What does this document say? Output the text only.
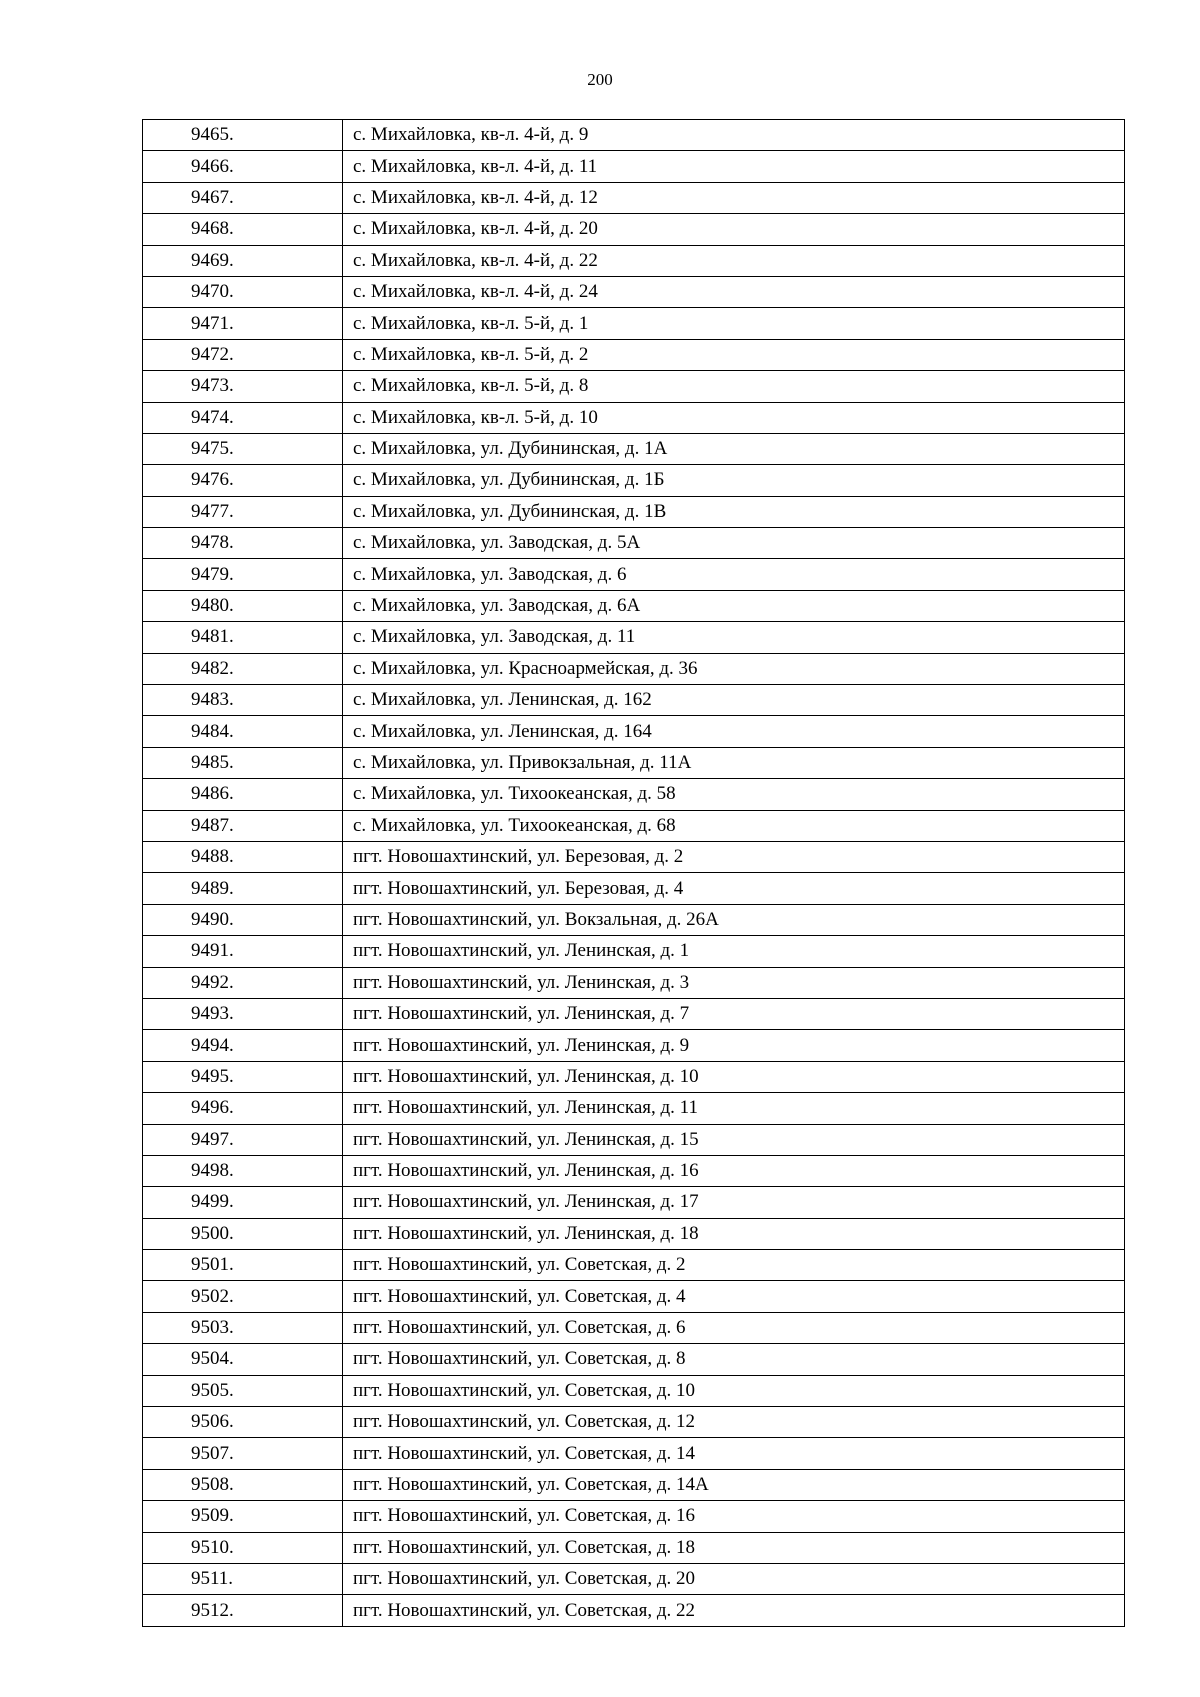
200
9465.	с. Михайловка, кв-л. 4-й, д. 9
9466.	с. Михайловка, кв-л. 4-й, д. 11
9467.	с. Михайловка, кв-л. 4-й, д. 12
9468.	с. Михайловка, кв-л. 4-й, д. 20
9469.	с. Михайловка, кв-л. 4-й, д. 22
9470.	с. Михайловка, кв-л. 4-й, д. 24
9471.	с. Михайловка, кв-л. 5-й, д. 1
9472.	с. Михайловка, кв-л. 5-й, д. 2
9473.	с. Михайловка, кв-л. 5-й, д. 8
9474.	с. Михайловка, кв-л. 5-й, д. 10
9475.	с. Михайловка, ул. Дубининская, д. 1А
9476.	с. Михайловка, ул. Дубининская, д. 1Б
9477.	с. Михайловка, ул. Дубининская, д. 1В
9478.	с. Михайловка, ул. Заводская, д. 5А
9479.	с. Михайловка, ул. Заводская, д. 6
9480.	с. Михайловка, ул. Заводская, д. 6А
9481.	с. Михайловка, ул. Заводская, д. 11
9482.	с. Михайловка, ул. Красноармейская, д. 36
9483.	с. Михайловка, ул. Ленинская, д. 162
9484.	с. Михайловка, ул. Ленинская, д. 164
9485.	с. Михайловка, ул. Привокзальная, д. 11А
9486.	с. Михайловка, ул. Тихоокеанская, д. 58
9487.	с. Михайловка, ул. Тихоокеанская, д. 68
9488.	пгт. Новошахтинский, ул. Березовая, д. 2
9489.	пгт. Новошахтинский, ул. Березовая, д. 4
9490.	пгт. Новошахтинский, ул. Вокзальная, д. 26А
9491.	пгт. Новошахтинский, ул. Ленинская, д. 1
9492.	пгт. Новошахтинский, ул. Ленинская, д. 3
9493.	пгт. Новошахтинский, ул. Ленинская, д. 7
9494.	пгт. Новошахтинский, ул. Ленинская, д. 9
9495.	пгт. Новошахтинский, ул. Ленинская, д. 10
9496.	пгт. Новошахтинский, ул. Ленинская, д. 11
9497.	пгт. Новошахтинский, ул. Ленинская, д. 15
9498.	пгт. Новошахтинский, ул. Ленинская, д. 16
9499.	пгт. Новошахтинский, ул. Ленинская, д. 17
9500.	пгт. Новошахтинский, ул. Ленинская, д. 18
9501.	пгт. Новошахтинский, ул. Советская, д. 2
9502.	пгт. Новошахтинский, ул. Советская, д. 4
9503.	пгт. Новошахтинский, ул. Советская, д. 6
9504.	пгт. Новошахтинский, ул. Советская, д. 8
9505.	пгт. Новошахтинский, ул. Советская, д. 10
9506.	пгт. Новошахтинский, ул. Советская, д. 12
9507.	пгт. Новошахтинский, ул. Советская, д. 14
9508.	пгт. Новошахтинский, ул. Советская, д. 14А
9509.	пгт. Новошахтинский, ул. Советская, д. 16
9510.	пгт. Новошахтинский, ул. Советская, д. 18
9511.	пгт. Новошахтинский, ул. Советская, д. 20
9512.	пгт. Новошахтинский, ул. Советская, д. 22
